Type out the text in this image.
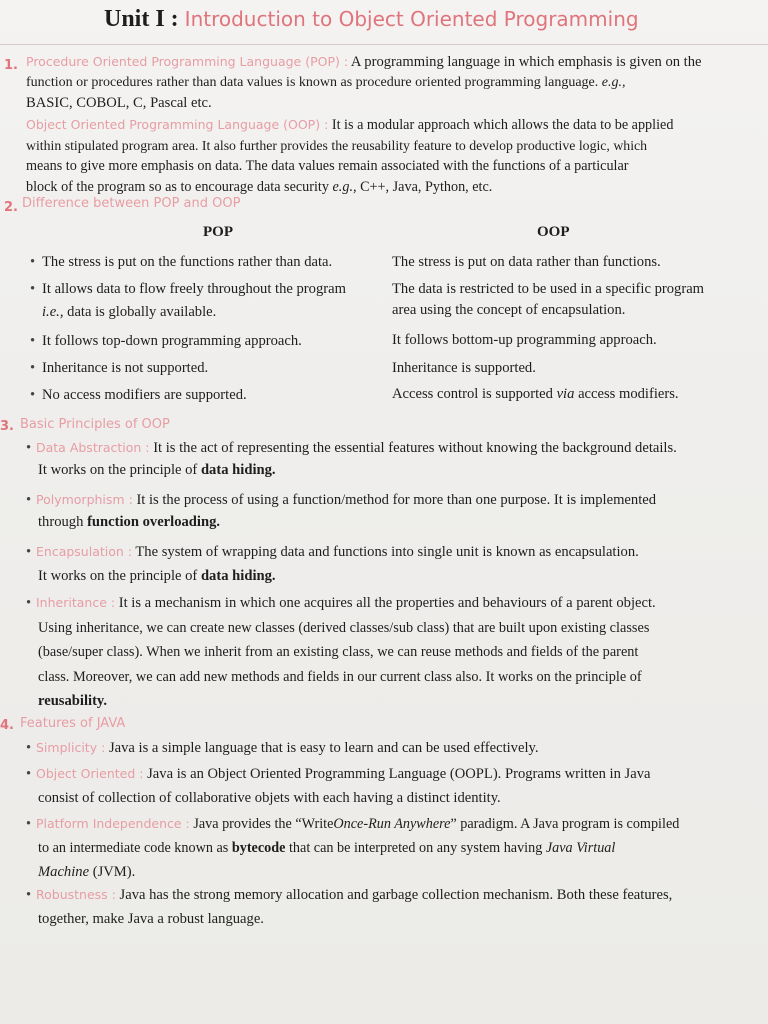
Unit I : Introduction to Object Oriented Programming
1. Procedure Oriented Programming Language (POP) : A programming language in which emphasis is given on the
function or procedures rather than data values is known as procedure oriented programming language. e.g.,
BASIC, COBOL, C, Pascal etc.
Object Oriented Programming Language (OOP) : It is a modular approach which allows the data to be applied
within stipulated program area. It also further provides the reusability feature to develop productive logic, which
means to give more emphasis on data. The data values remain associated with the functions of a particular
block of the program so as to encourage data security e.g., C++, Java, Python, etc.
2. Difference between POP and OOP
POP	OOP
• The stress is put on the functions rather than data.	The stress is put on data rather than functions.
• It allows data to flow freely throughout the program	The data is restricted to be used in a specific program
i.e., data is globally available.	area using the concept of encapsulation.
• It follows top-down programming approach.	It follows bottom-up programming approach.
• Inheritance is not supported.	Inheritance is supported.
• No access modifiers are supported.	Access control is supported via access modifiers.
3. Basic Principles of OOP
• Data Abstraction : It is the act of representing the essential features without knowing the background details.
It works on the principle of data hiding.
• Polymorphism : It is the process of using a function/method for more than one purpose. It is implemented
through function overloading.
• Encapsulation : The system of wrapping data and functions into single unit is known as encapsulation.
It works on the principle of data hiding.
• Inheritance : It is a mechanism in which one acquires all the properties and behaviours of a parent object.
Using inheritance, we can create new classes (derived classes/sub class) that are built upon existing classes
(base/super class). When we inherit from an existing class, we can reuse methods and fields of the parent
class. Moreover, we can add new methods and fields in our current class also. It works on the principle of
reusability.
4. Features of JAVA
• Simplicity : Java is a simple language that is easy to learn and can be used effectively.
• Object Oriented : Java is an Object Oriented Programming Language (OOPL). Programs written in Java
consist of collection of collaborative objets with each having a distinct identity.
• Platform Independence : Java provides the “WriteOnce-Run Anywhere” paradigm. A Java program is compiled
to an intermediate code known as bytecode that can be interpreted on any system having Java Virtual
Machine (JVM).
• Robustness : Java has the strong memory allocation and garbage collection mechanism. Both these features,
together, make Java a robust language.
